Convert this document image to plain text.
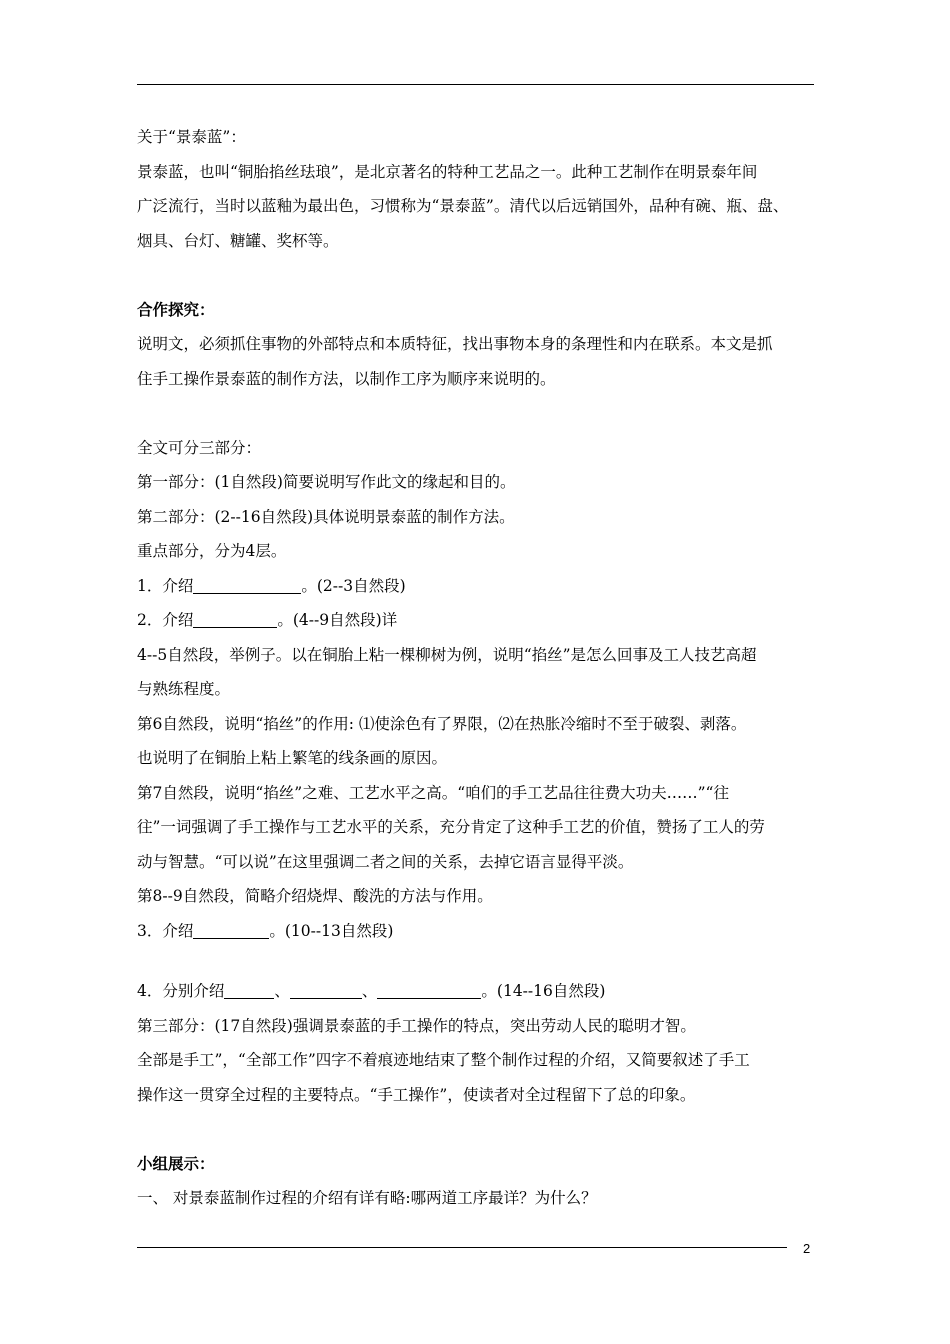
关于“景泰蓝”：
景泰蓝，也叫“铜胎掐丝珐琅”，是北京著名的特种工艺品之一。此种工艺制作在明景泰年间
广泛流行，当时以蓝釉为最出色，习惯称为“景泰蓝”。清代以后远销国外，品种有碗、瓶、盘、
烟具、台灯、糖罐、奖杯等。
合作探究：
说明文，必须抓住事物的外部特点和本质特征，找出事物本身的条理性和内在联系。本文是抓
住手工操作景泰蓝的制作方法，以制作工序为顺序来说明的。
全文可分三部分：
第一部分：(1自然段)简要说明写作此文的缘起和目的。
第二部分：(2--16自然段)具体说明景泰蓝的制作方法。
重点部分，分为4层。
1．介绍	。(2--3自然段)
2．介绍	。(4--9自然段)详
4--5自然段，举例子。以在铜胎上粘一棵柳树为例，说明“掐丝”是怎么回事及工人技艺高超
与熟练程度。
第6自然段，说明“掐丝”的作用: ⑴使涂色有了界限，⑵在热胀冷缩时不至于破裂、剥落。
也说明了在铜胎上粘上繁笔的线条画的原因。
第7自然段，说明“掐丝”之难、工艺水平之高。“咱们的手工艺品往往费大功夫……”“往
往”一词强调了手工操作与工艺水平的关系，充分肯定了这种手工艺的价值，赞扬了工人的劳
动与智慧。“可以说”在这里强调二者之间的关系，去掉它语言显得平淡。
第8--9自然段，简略介绍烧焊、酸洗的方法与作用。
3．介绍	。(10--13自然段)
4．分别介绍	、	、	。(14--16自然段)
第三部分：(17自然段)强调景泰蓝的手工操作的特点，突出劳动人民的聪明才智。
全部是手工”，“全部工作”四字不着痕迹地结束了整个制作过程的介绍，又简要叙述了手工
操作这一贯穿全过程的主要特点。“手工操作”，使读者对全过程留下了总的印象。
小组展示：
一、 对景泰蓝制作过程的介绍有详有略:哪两道工序最详？为什么？
2
